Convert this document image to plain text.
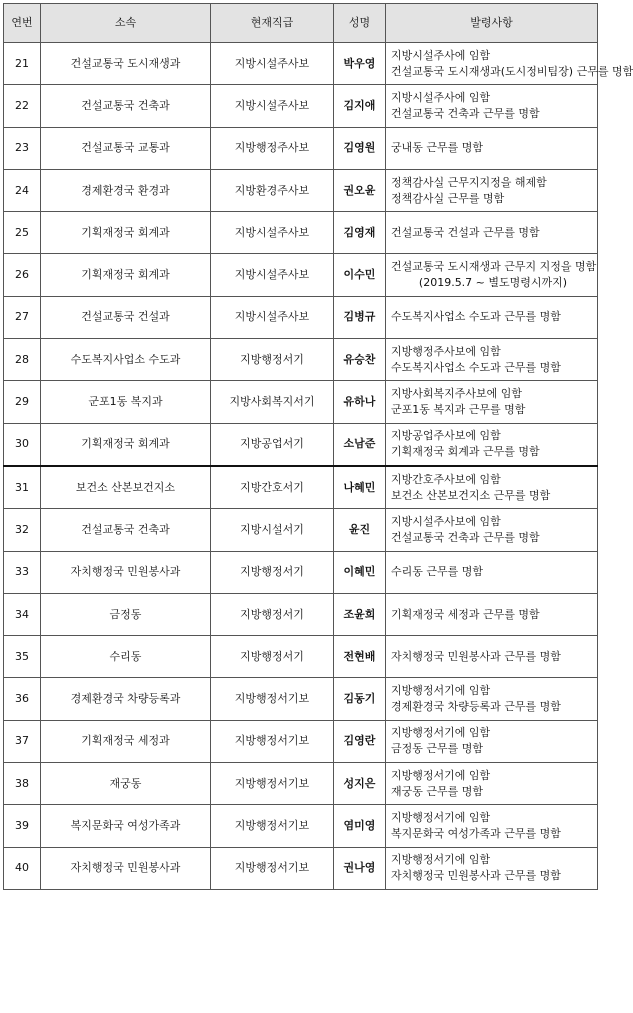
연번	소속	현재직급	성명	발령사항
21	건설교통국 도시재생과	지방시설주사보	박우영	지방시설주사에 임함
건설교통국 도시재생과(도시정비팀장) 근무를 명함

22	건설교통국 건축과	지방시설주사보	김지애	지방시설주사에 임함
건설교통국 건축과 근무를 명함

23	건설교통국 교통과	지방행정주사보	김영원	궁내동 근무를 명함

24	경제환경국 환경과	지방환경주사보	권오윤	정책감사실 근무지지정을 해제함
정책감사실 근무를 명함

25	기획재정국 회계과	지방시설주사보	김영재	건설교통국 건설과 근무를 명함

26	기획재정국 회계과	지방시설주사보	이수민	건설교통국 도시재생과 근무지 지정을 명함
(2019.5.7 ~ 별도명령시까지)

27	건설교통국 건설과	지방시설주사보	김병규	수도복지사업소 수도과 근무를 명함

28	수도복지사업소 수도과	지방행정서기	유승찬	지방행정주사보에 임함
수도복지사업소 수도과 근무를 명함

29	군포1동 복지과	지방사회복지서기	유하나	지방사회복지주사보에 임함
군포1동 복지과 근무를 명함

30	기획재정국 회계과	지방공업서기	소남준	지방공업주사보에 임함
기획재정국 회계과 근무를 명함

31	보건소 산본보건지소	지방간호서기	나혜민	지방간호주사보에 임함
보건소 산본보건지소 근무를 명함

32	건설교통국 건축과	지방시설서기	윤진	지방시설주사보에 임함
건설교통국 건축과 근무를 명함

33	자치행정국 민원봉사과	지방행정서기	이혜민	수리동 근무를 명함

34	금정동	지방행정서기	조윤희	기획재정국 세정과 근무를 명함

35	수리동	지방행정서기	전현배	자치행정국 민원봉사과 근무를 명함

36	경제환경국 차량등록과	지방행정서기보	김동기	지방행정서기에 임함
경제환경국 차량등록과 근무를 명함

37	기획재정국 세정과	지방행정서기보	김영란	지방행정서기에 임함
금정동 근무를 명함

38	재궁동	지방행정서기보	성지은	지방행정서기에 임함
재궁동 근무를 명함

39	복지문화국 여성가족과	지방행정서기보	염미영	지방행정서기에 임함
복지문화국 여성가족과 근무를 명함

40	자치행정국 민원봉사과	지방행정서기보	권나영	지방행정서기에 임함
자치행정국 민원봉사과 근무를 명함
